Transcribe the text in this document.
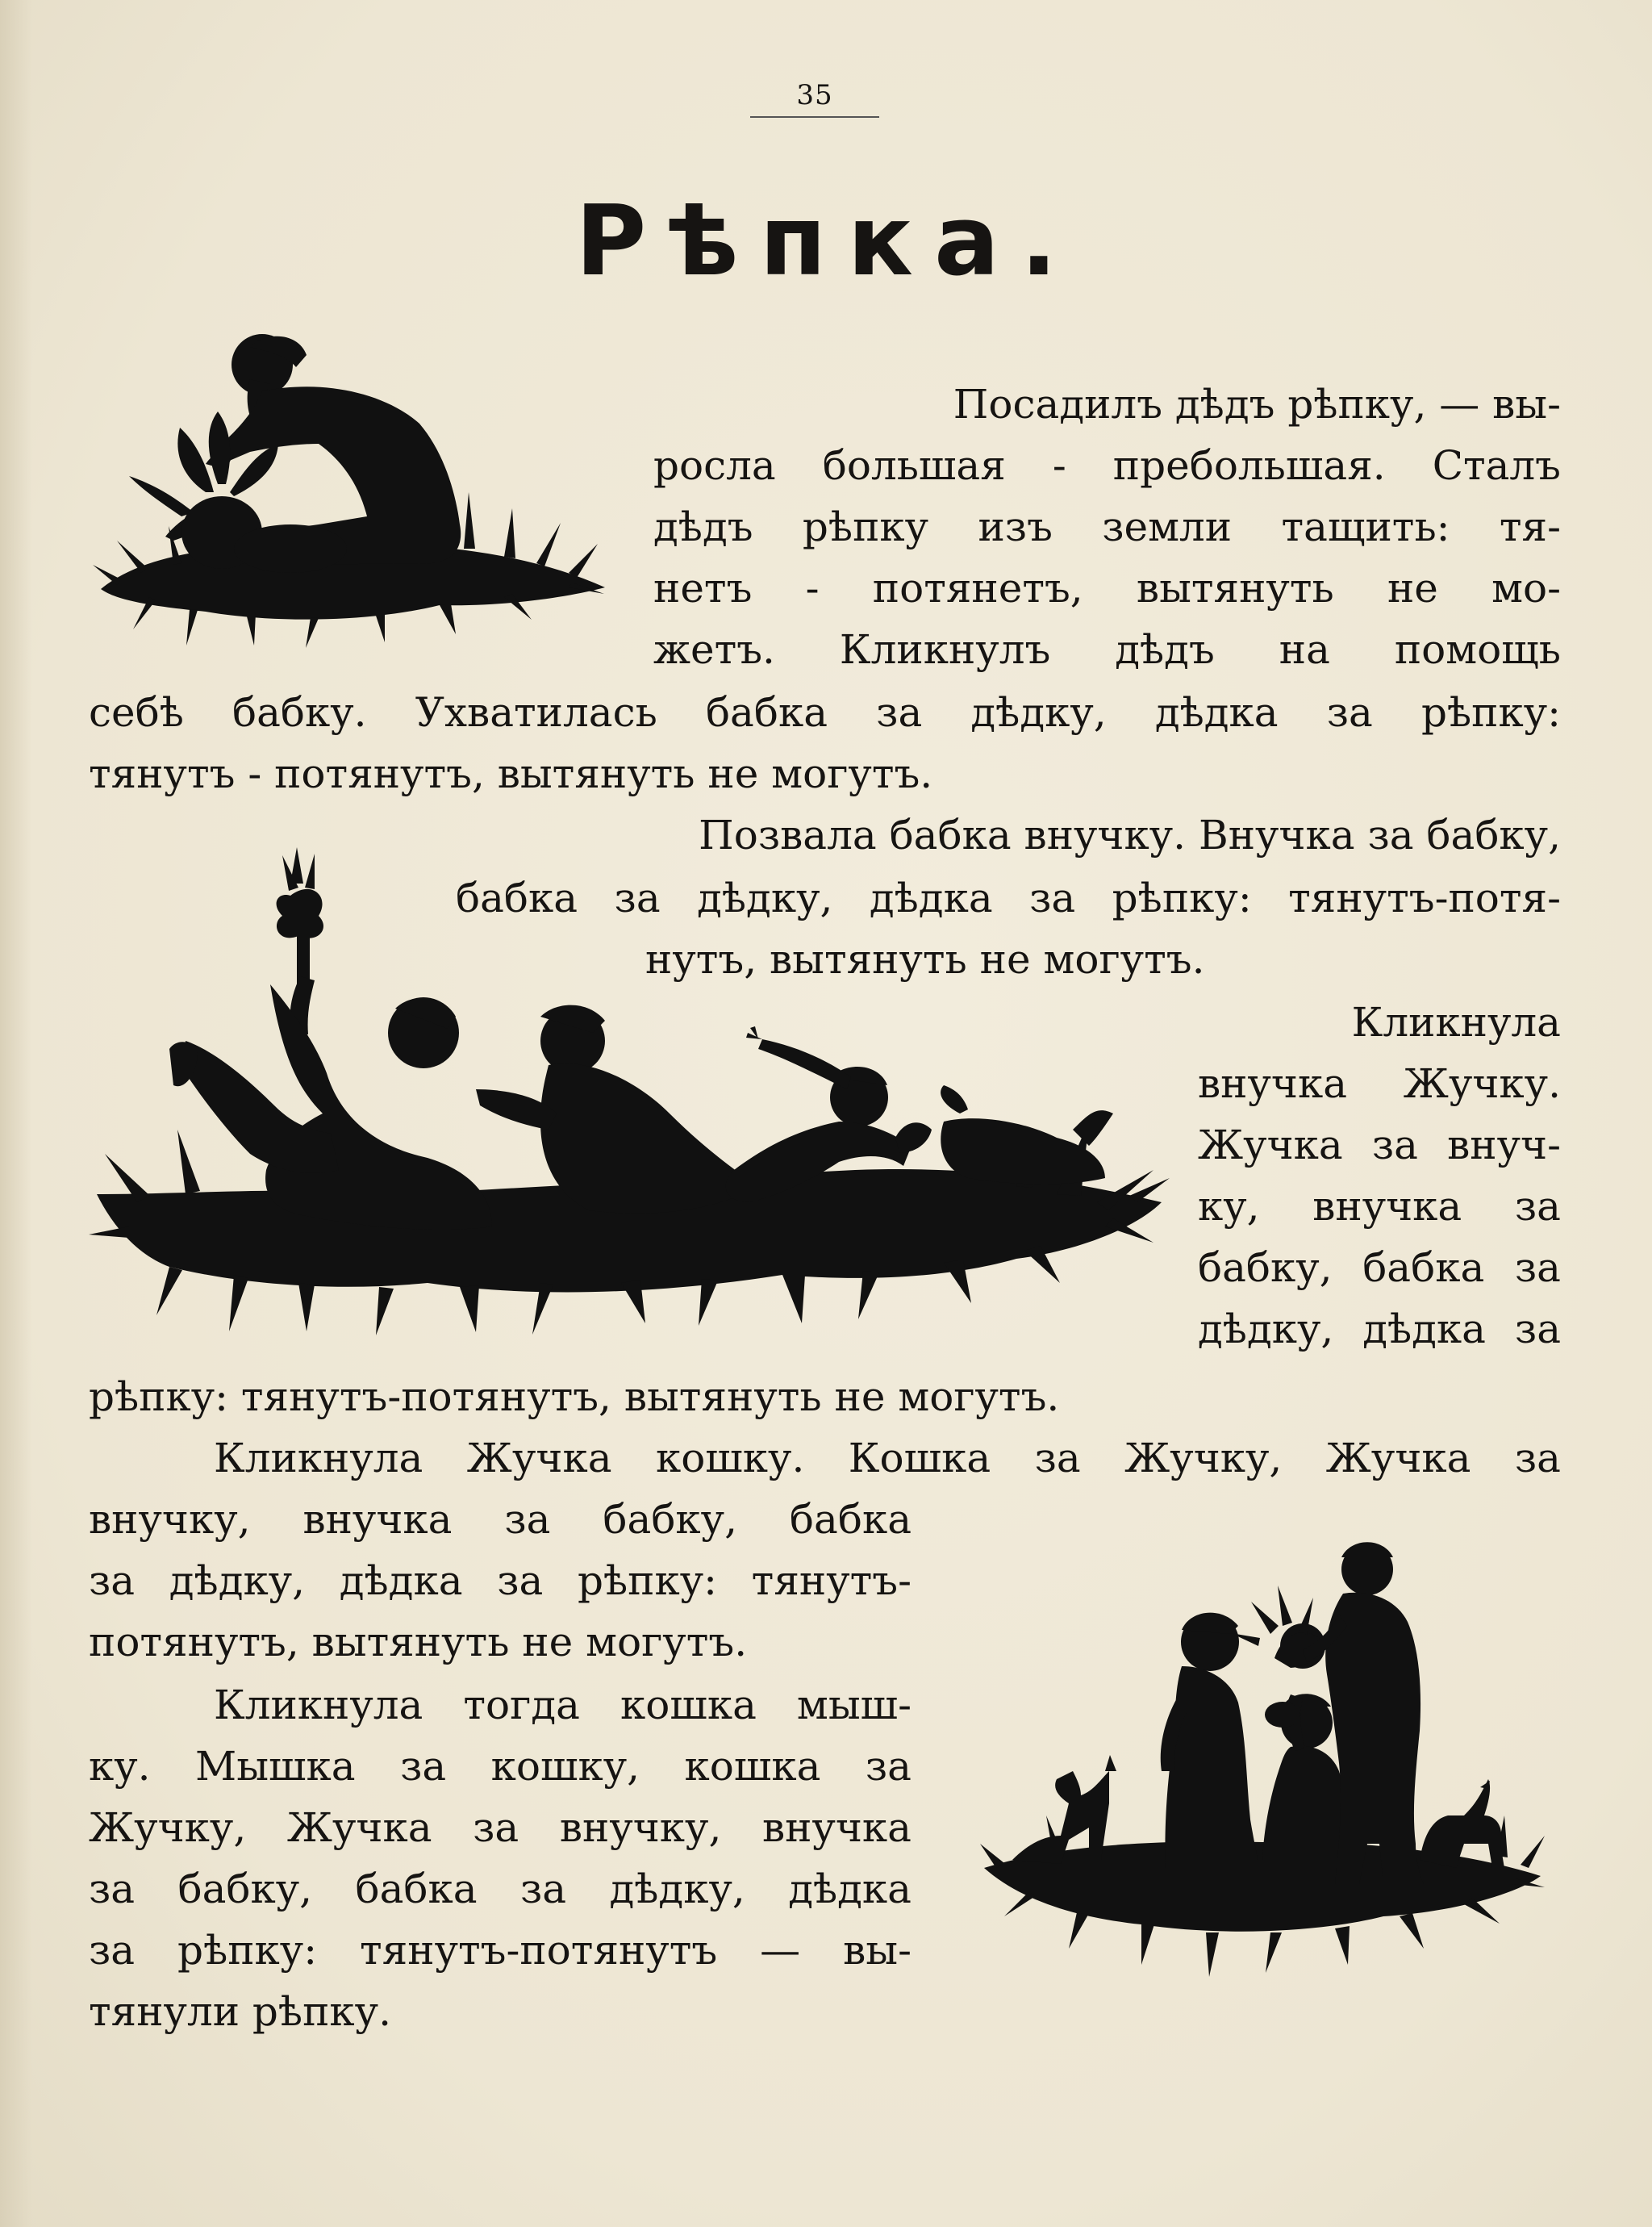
35
Рѣпка.

Посадилъ дѣдъ рѣпку, — вы-

росла большая - пребольшая. Сталъ

дѣдъ рѣпку изъ земли тащить: тя-

нетъ - потянетъ, вытянуть не мо-

жетъ. Кликнулъ дѣдъ на помощь

себѣ бабку. Ухватилась бабка за дѣдку, дѣдка за рѣпку:

тянутъ - потянутъ, вытянуть не могутъ.

Позвала бабка внучку. Внучка за бабку,

бабка за дѣдку, дѣдка за рѣпку: тянутъ-потя-

нутъ, вытянуть не могутъ.

Кликнула

внучка Жучку.

Жучка за внуч-

ку, внучка за

бабку, бабка за

дѣдку, дѣдка за

рѣпку: тянутъ-потянутъ, вытянуть не могутъ.

Кликнула Жучка кошку. Кошка за Жучку, Жучка за

внучку, внучка за бабку, бабка

за дѣдку, дѣдка за рѣпку: тянутъ-

потянутъ, вытянуть не могутъ.

Кликнула тогда кошка мыш-

ку. Мышка за кошку, кошка за

Жучку, Жучка за внучку, внучка

за бабку, бабка за дѣдку, дѣдка

за рѣпку: тянутъ-потянутъ — вы-

тянули рѣпку.
